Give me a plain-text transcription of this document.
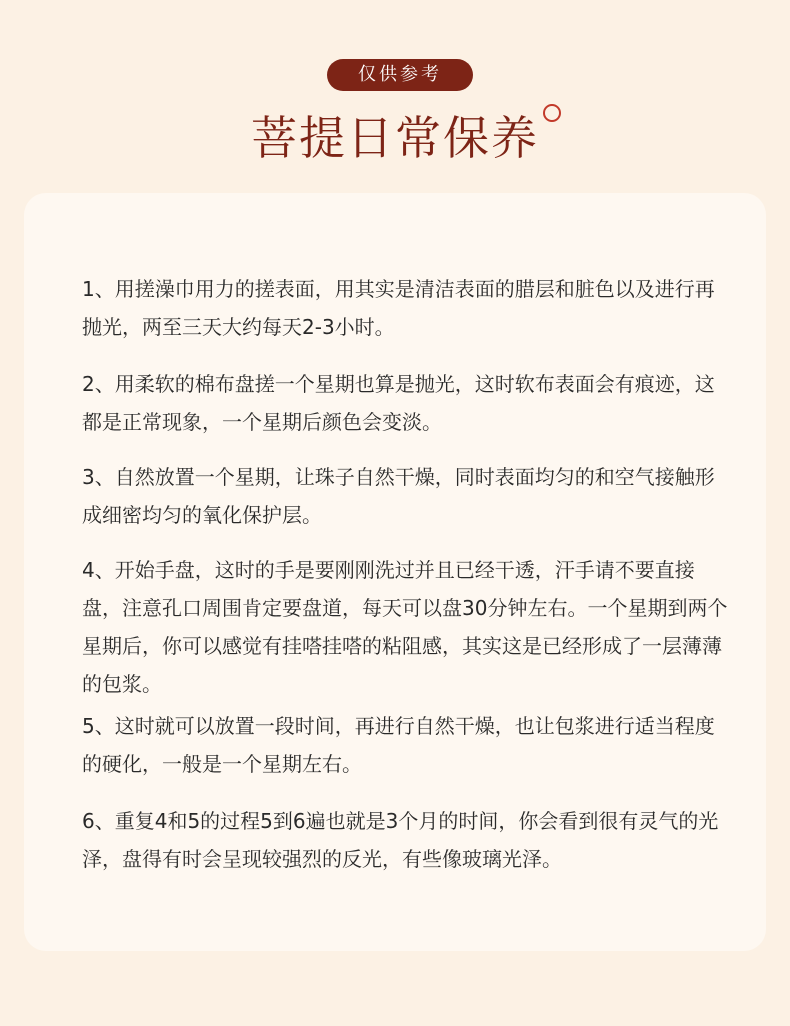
仅供参考
菩提日常保养

1、用搓澡巾用力的搓表面，用其实是清洁表面的腊层和脏色以及进行再抛光，两至三天大约每天2-3小时。

2、用柔软的棉布盘搓一个星期也算是抛光，这时软布表面会有痕迹，这都是正常现象，一个星期后颜色会变淡。

3、自然放置一个星期，让珠子自然干燥，同时表面均匀的和空气接触形成细密均匀的氧化保护层。

4、开始手盘，这时的手是要刚刚洗过并且已经干透，汗手请不要直接盘，注意孔口周围肯定要盘道，每天可以盘30分钟左右。一个星期到两个星期后，你可以感觉有挂嗒挂嗒的粘阻感，其实这是已经形成了一层薄薄的包浆。

5、这时就可以放置一段时间，再进行自然干燥，也让包浆进行适当程度的硬化，一般是一个星期左右。

6、重复4和5的过程5到6遍也就是3个月的时间，你会看到很有灵气的光泽，盘得有时会呈现较强烈的反光，有些像玻璃光泽。
